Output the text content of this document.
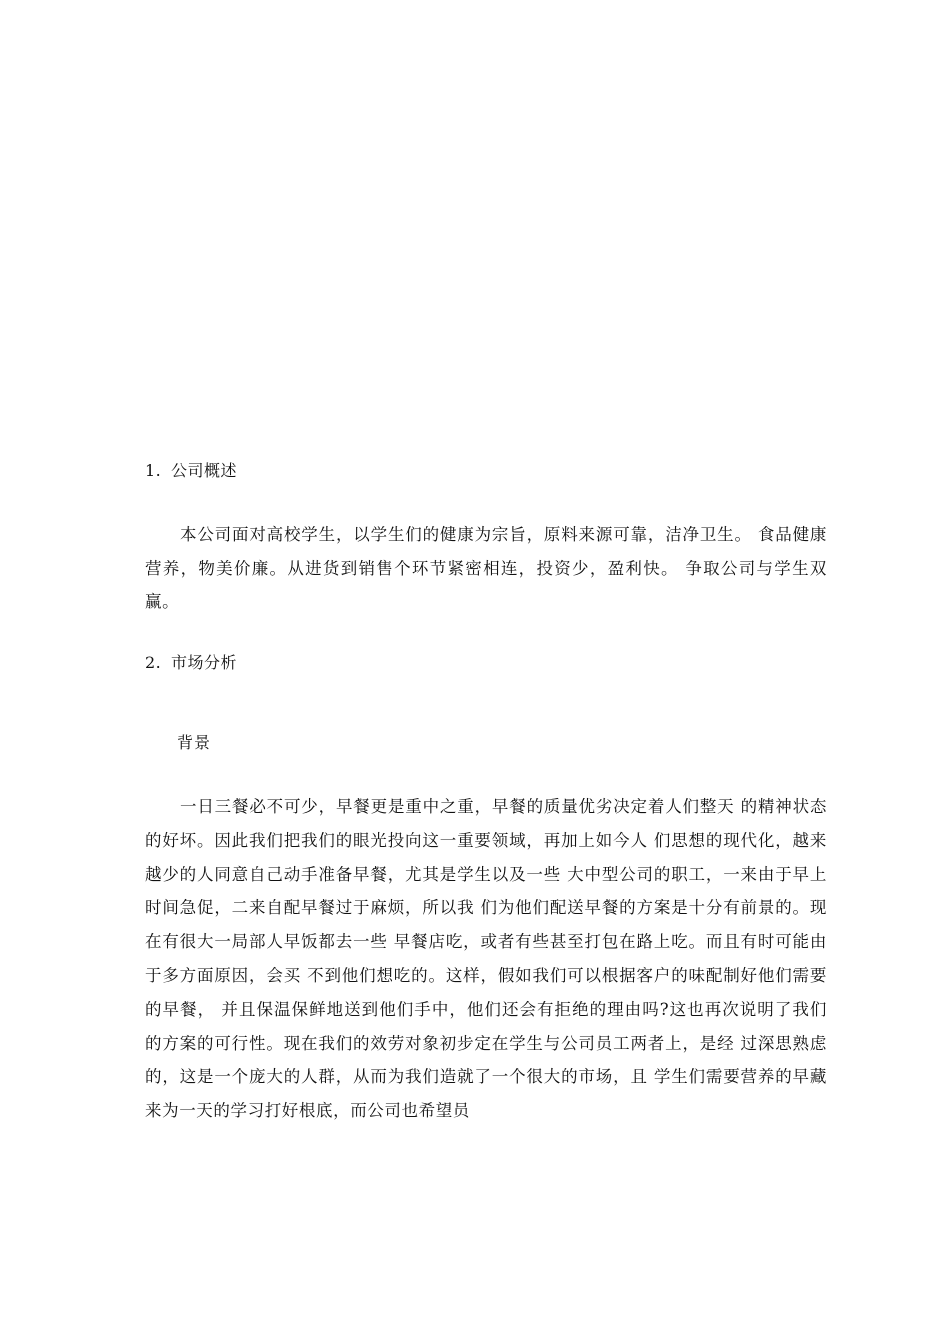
1. 公司概述

本公司面对高校学生，以学生们的健康为宗旨，原料来源可靠，洁净卫生。 食品健康营养，物美价廉。从进货到销售个环节紧密相连，投资少，盈利快。 争取公司与学生双赢。

2. 市场分析
背景

一日三餐必不可少，早餐更是重中之重，早餐的质量优劣决定着人们整天 的精神状态的好坏。因此我们把我们的眼光投向这一重要领域，再加上如今人 们思想的现代化，越来越少的人同意自己动手准备早餐，尤其是学生以及一些 大中型公司的职工，一来由于早上时间急促，二来自配早餐过于麻烦，所以我 们为他们配送早餐的方案是十分有前景的。现在有很大一局部人早饭都去一些 早餐店吃，或者有些甚至打包在路上吃。而且有时可能由于多方面原因，会买 不到他们想吃的。这样，假如我们可以根据客户的味配制好他们需要的早餐， 并且保温保鲜地送到他们手中，他们还会有拒绝的理由吗?这也再次说明了我们 的方案的可行性。现在我们的效劳对象初步定在学生与公司员工两者上，是经 过深思熟虑的，这是一个庞大的人群，从而为我们造就了一个很大的市场，且 学生们需要营养的早藏来为一天的学习打好根底，而公司也希望员
